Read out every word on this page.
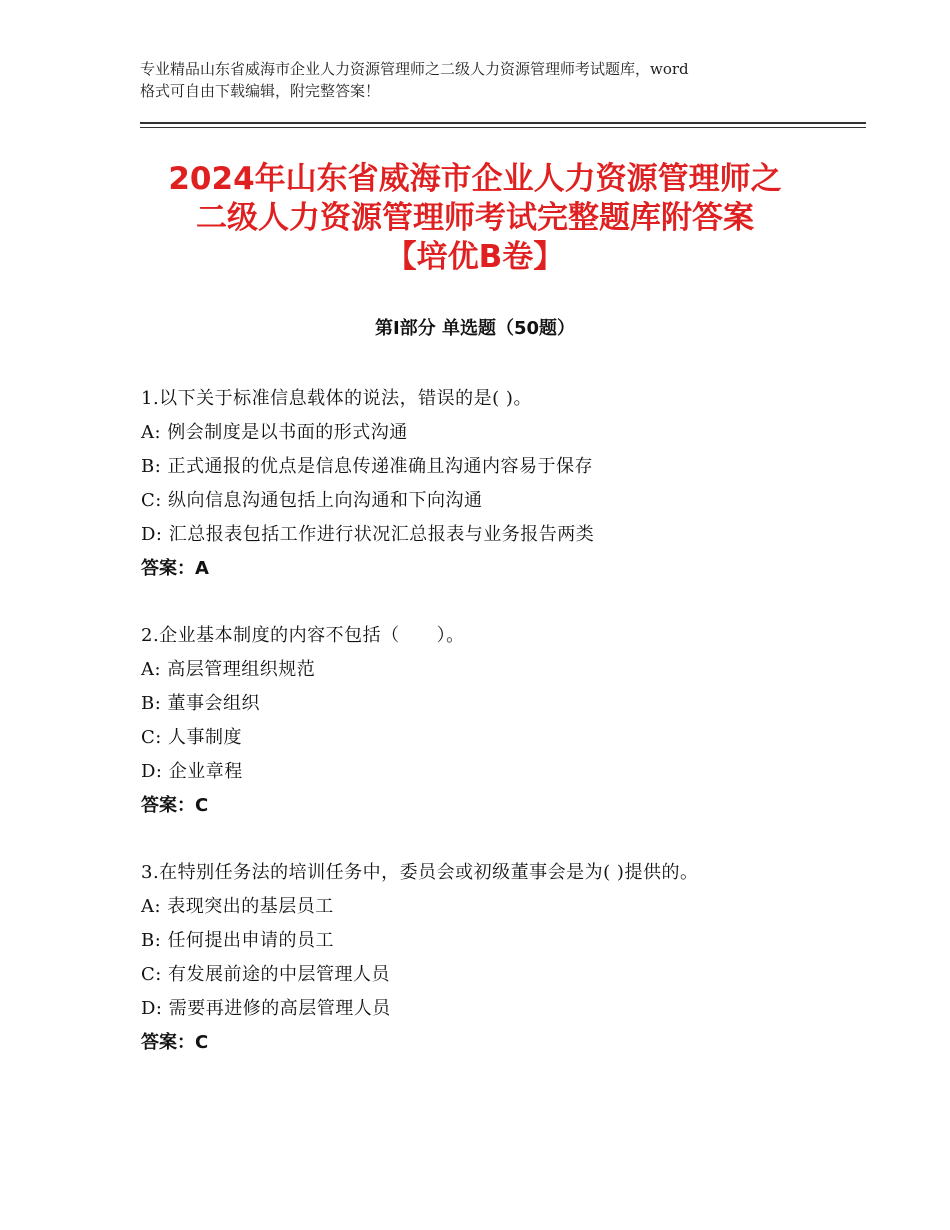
专业精品山东省威海市企业人力资源管理师之二级人力资源管理师考试题库，word
格式可自由下载编辑，附完整答案！
2024年山东省威海市企业人力资源管理师之
二级人力资源管理师考试完整题库附答案
【培优B卷】
第Ⅰ部分 单选题（50题）
1.以下关于标准信息载体的说法，错误的是( )。
A: 例会制度是以书面的形式沟通
B: 正式通报的优点是信息传递准确且沟通内容易于保存
C: 纵向信息沟通包括上向沟通和下向沟通
D: 汇总报表包括工作进行状况汇总报表与业务报告两类
答案：A
2.企业基本制度的内容不包括（　　）。
A: 高层管理组织规范
B: 董事会组织
C: 人事制度
D: 企业章程
答案：C
3.在特别任务法的培训任务中，委员会或初级董事会是为( )提供的。
A: 表现突出的基层员工
B: 任何提出申请的员工
C: 有发展前途的中层管理人员
D: 需要再进修的高层管理人员
答案：C
